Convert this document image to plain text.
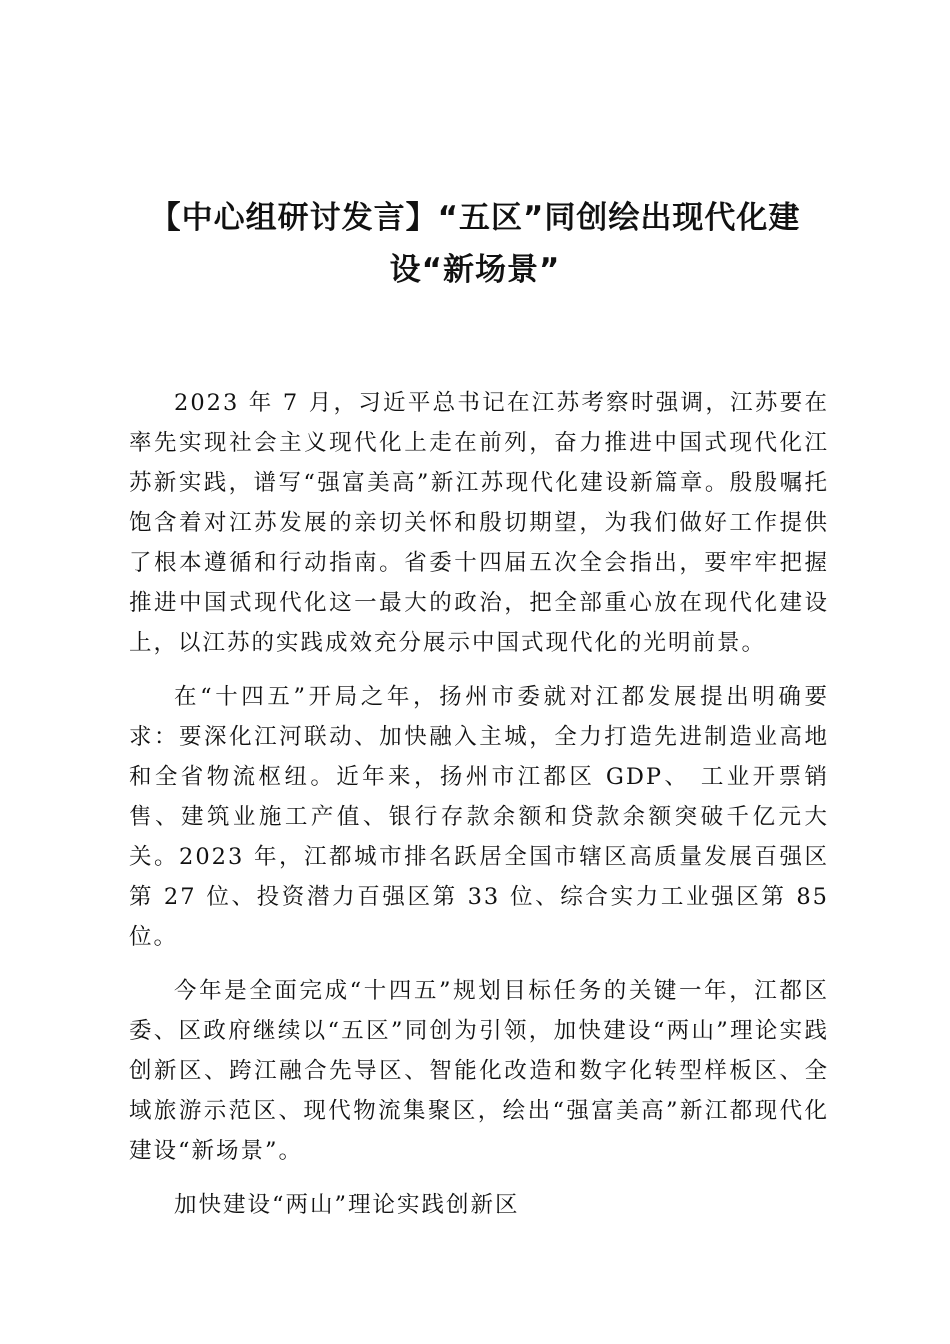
【中心组研讨发言】“五区”同创绘出现代化建设“新场景”

2023 年 7 月，习近平总书记在江苏考察时强调，江苏要在率先实现社会主义现代化上走在前列，奋力推进中国式现代化江苏新实践，谱写“强富美高”新江苏现代化建设新篇章。殷殷嘱托饱含着对江苏发展的亲切关怀和殷切期望，为我们做好工作提供了根本遵循和行动指南。省委十四届五次全会指出，要牢牢把握推进中国式现代化这一最大的政治，把全部重心放在现代化建设上，以江苏的实践成效充分展示中国式现代化的光明前景。

在“十四五”开局之年，扬州市委就对江都发展提出明确要求：要深化江河联动、加快融入主城，全力打造先进制造业高地和全省物流枢纽。近年来，扬州市江都区 GDP、 工业开票销售、建筑业施工产值、银行存款余额和贷款余额突破千亿元大关。2023 年，江都城市排名跃居全国市辖区高质量发展百强区第 27 位、投资潜力百强区第 33 位、综合实力工业强区第 85 位。

今年是全面完成“十四五”规划目标任务的关键一年，江都区委、区政府继续以“五区”同创为引领，加快建设“两山”理论实践创新区、跨江融合先导区、智能化改造和数字化转型样板区、全域旅游示范区、现代物流集聚区，绘出“强富美高”新江都现代化建设“新场景”。

加快建设“两山”理论实践创新区
